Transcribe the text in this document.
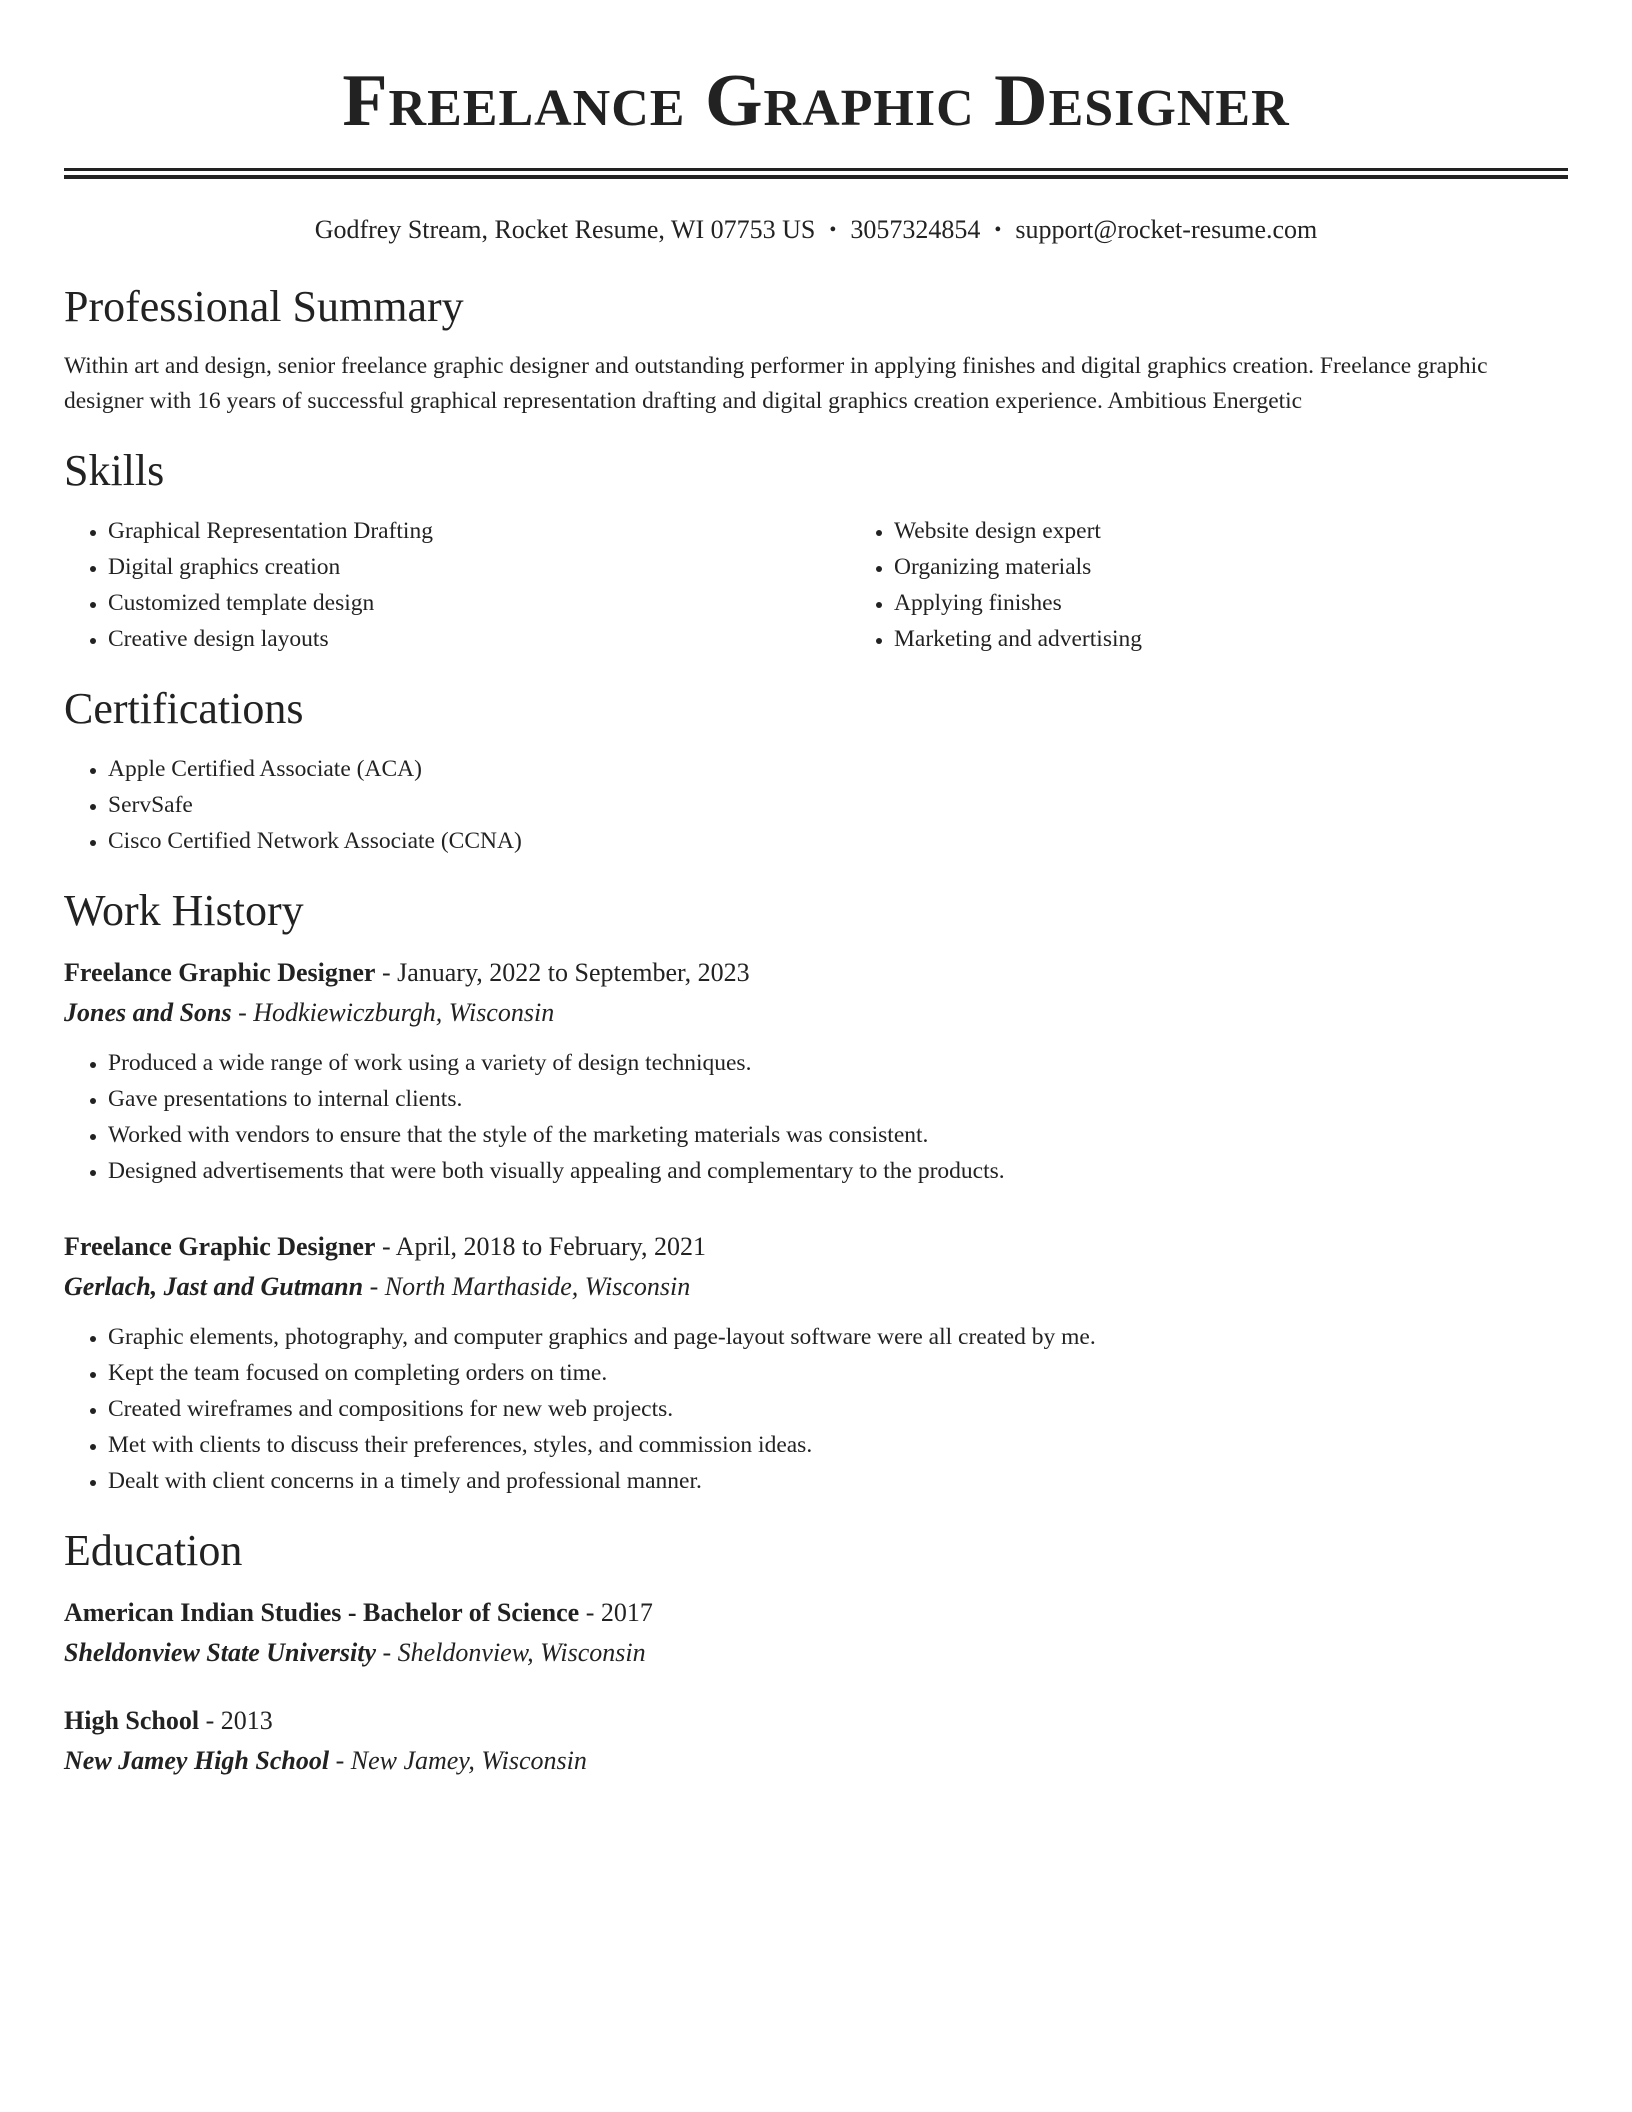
Freelance Graphic Designer
Godfrey Stream, Rocket Resume, WI 07753 US • 3057324854 • support@rocket-resume.com
Professional Summary
Within art and design, senior freelance graphic designer and outstanding performer in applying finishes and digital graphics creation. Freelance graphic designer with 16 years of successful graphical representation drafting and digital graphics creation experience. Ambitious Energetic
Skills
• Graphical Representation Drafting
• Digital graphics creation
• Customized template design
• Creative design layouts
• Website design expert
• Organizing materials
• Applying finishes
• Marketing and advertising
Certifications
• Apple Certified Associate (ACA)
• ServSafe
• Cisco Certified Network Associate (CCNA)
Work History
Freelance Graphic Designer - January, 2022 to September, 2023
Jones and Sons - Hodkiewiczburgh, Wisconsin
• Produced a wide range of work using a variety of design techniques.
• Gave presentations to internal clients.
• Worked with vendors to ensure that the style of the marketing materials was consistent.
• Designed advertisements that were both visually appealing and complementary to the products.
Freelance Graphic Designer - April, 2018 to February, 2021
Gerlach, Jast and Gutmann - North Marthaside, Wisconsin
• Graphic elements, photography, and computer graphics and page-layout software were all created by me.
• Kept the team focused on completing orders on time.
• Created wireframes and compositions for new web projects.
• Met with clients to discuss their preferences, styles, and commission ideas.
• Dealt with client concerns in a timely and professional manner.
Education
American Indian Studies - Bachelor of Science - 2017
Sheldonview State University - Sheldonview, Wisconsin
High School - 2013
New Jamey High School - New Jamey, Wisconsin
